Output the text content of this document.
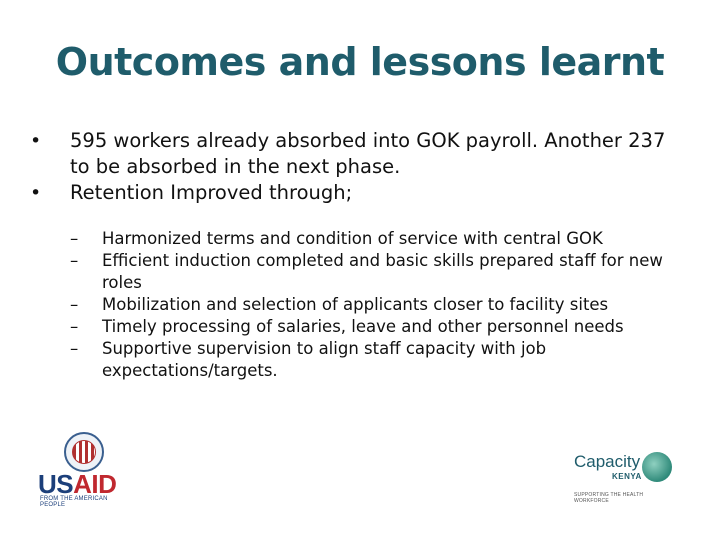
Outcomes and lessons learnt
•	595 workers already absorbed into GOK payroll. Another 237 to be absorbed in the next phase.
•	Retention Improved through;
–	Harmonized terms and condition of service with central GOK
–	Efficient induction completed and basic skills prepared staff for new roles
–	Mobilization and selection of applicants closer to facility sites
–	Timely processing of salaries, leave and other personnel needs
–	Supportive supervision to align staff capacity with job expectations/targets.
USAID
FROM THE AMERICAN PEOPLE
Capacity
KENYA
SUPPORTING THE HEALTH WORKFORCE
